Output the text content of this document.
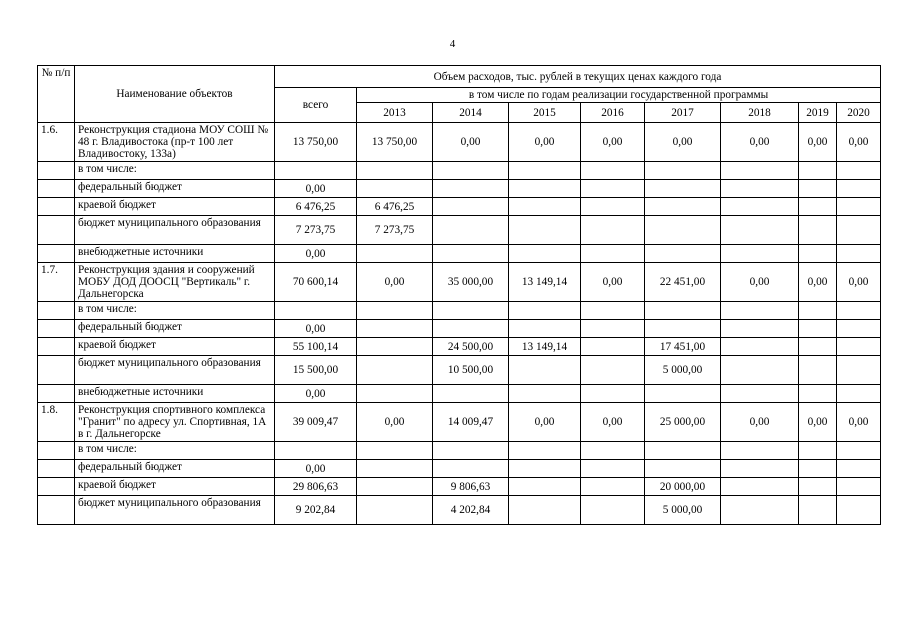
4
№ п/п	Наименование объектов	Объем расходов, тыс. рублей в текущих ценах каждого года								
		всего	в том числе по годам реализации государственной программы							
			2013	2014	2015	2016	2017	2018	2019	2020
1.6.	Реконструкция стадиона МОУ СОШ № 48 г. Владивостока (пр-т 100 лет Владивостоку, 133а)	13 750,00	13 750,00	0,00	0,00	0,00	0,00	0,00	0,00	0,00
	в том числе:									
	федеральный бюджет	0,00								
	краевой бюджет	6 476,25	6 476,25							
	бюджет муниципального образования	7 273,75	7 273,75							
	внебюджетные источники	0,00								
1.7.	Реконструкция здания и сооружений МОБУ ДОД ДООСЦ "Вертикаль" г. Дальнегорска	70 600,14	0,00	35 000,00	13 149,14	0,00	22 451,00	0,00	0,00	0,00
	в том числе:									
	федеральный бюджет	0,00								
	краевой бюджет	55 100,14		24 500,00	13 149,14		17 451,00			
	бюджет муниципального образования	15 500,00		10 500,00			5 000,00			
	внебюджетные источники	0,00								
1.8.	Реконструкция спортивного комплекса "Гранит" по адресу ул. Спортивная, 1А в г. Дальнегорске	39 009,47	0,00	14 009,47	0,00	0,00	25 000,00	0,00	0,00	0,00
	в том числе:									
	федеральный бюджет	0,00								
	краевой бюджет	29 806,63		9 806,63			20 000,00			
	бюджет муниципального образования	9 202,84		4 202,84			5 000,00			
